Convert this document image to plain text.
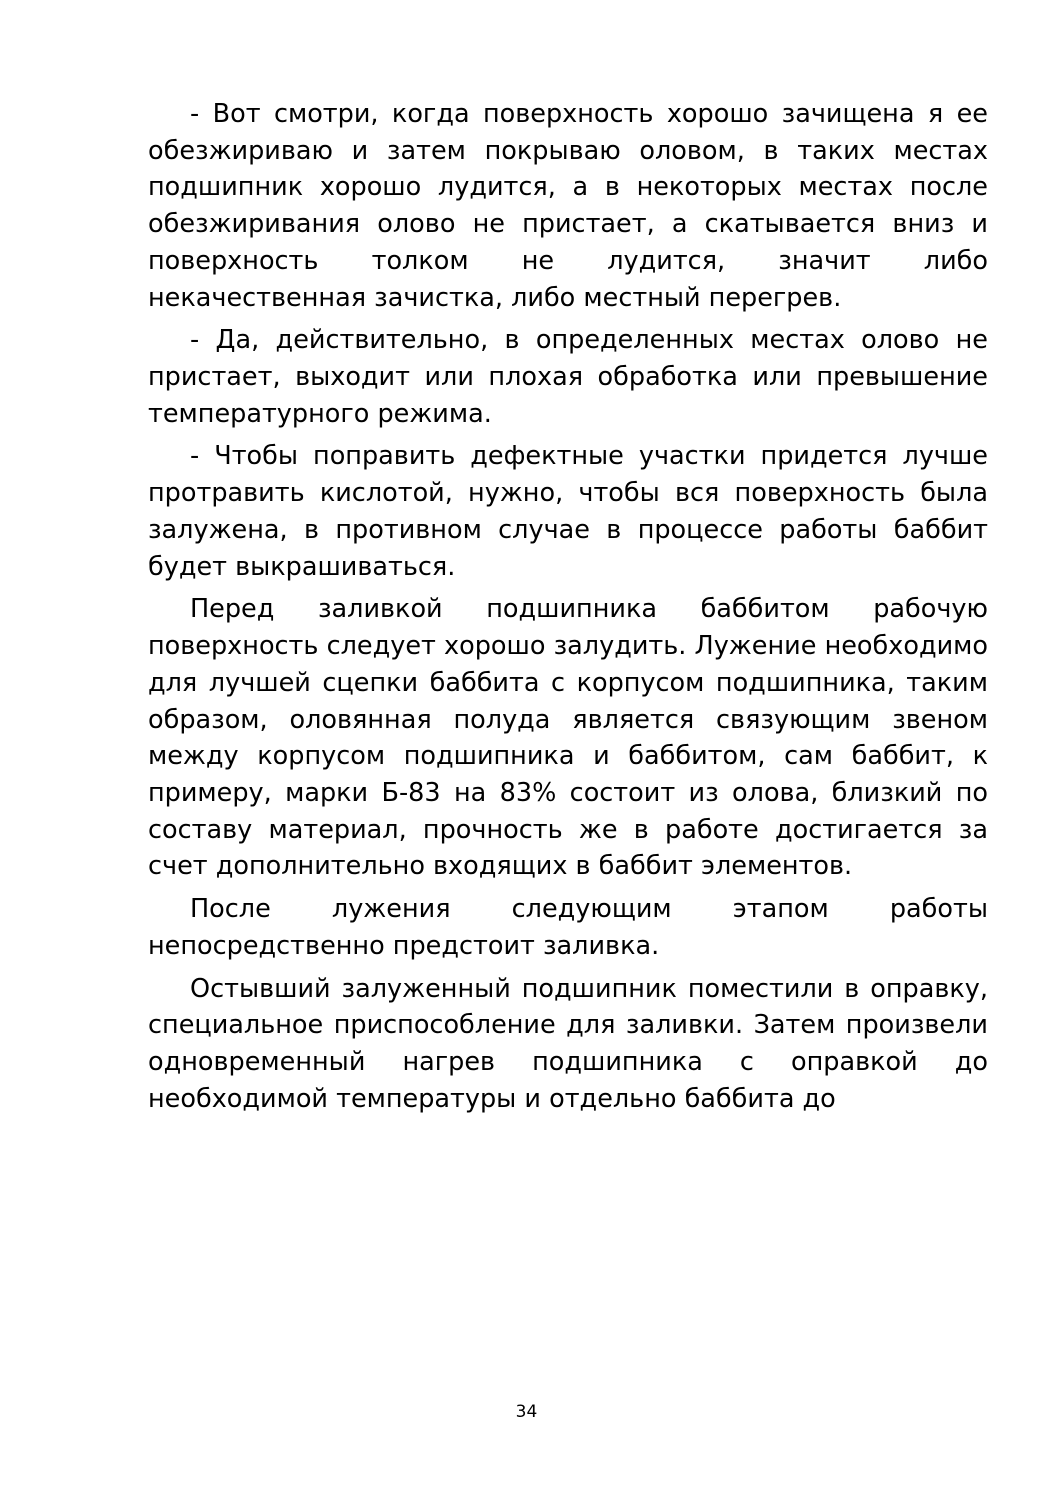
- Вот смотри, когда поверхность хорошо зачищена я ее обезжириваю и затем покрываю оловом, в таких местах подшипник хорошо лудится, а в некоторых местах после обезжиривания олово не пристает, а скатывается вниз и поверхность толком не лудится, значит либо некачественная зачистка, либо местный перегрев.

- Да, действительно, в определенных местах олово не пристает, выходит или плохая обработка или превышение температурного режима.

- Чтобы поправить дефектные участки придется лучше протравить кислотой, нужно, чтобы вся поверхность была залужена, в противном случае в процессе работы баббит будет выкрашиваться.

Перед заливкой подшипника баббитом рабочую поверхность следует хорошо залудить. Лужение необходимо для лучшей сцепки баббита с корпусом подшипника, таким образом, оловянная полуда является связующим звеном между корпусом подшипника и баббитом, сам баббит, к примеру, марки Б-83 на 83% состоит из олова, близкий по составу материал, прочность же в работе достигается за счет дополнительно входящих в баббит элементов.

После лужения следующим этапом работы непосредственно предстоит заливка.

Остывший залуженный подшипник поместили в оправку, специальное приспособление для заливки. Затем произвели одновременный нагрев подшипника с оправкой до необходимой температуры и отдельно баббита до

34
